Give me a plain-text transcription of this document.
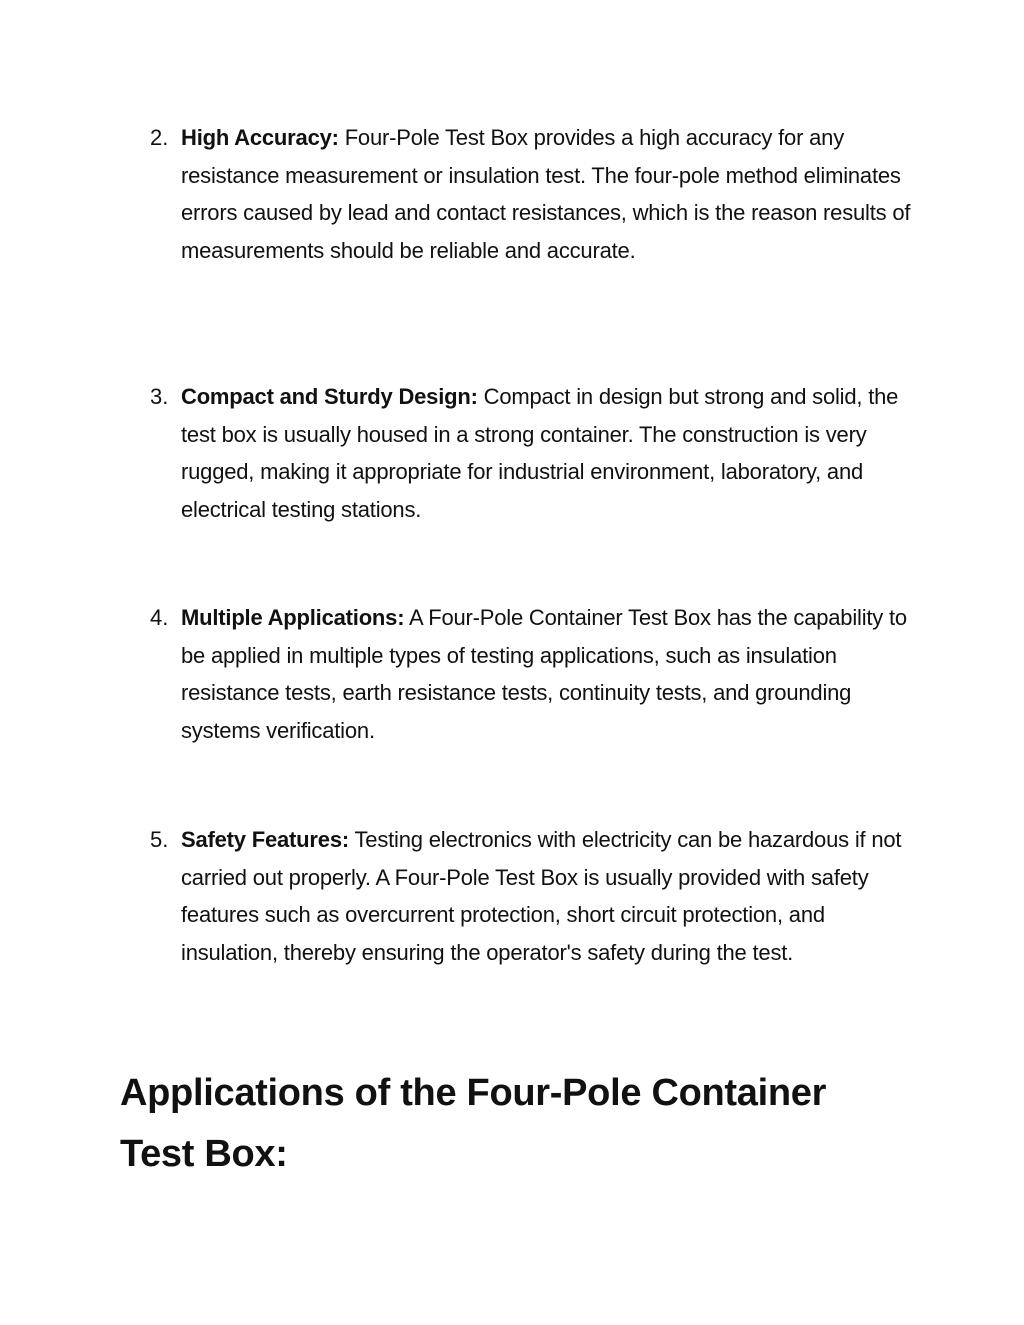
2. High Accuracy: Four-Pole Test Box provides a high accuracy for any resistance measurement or insulation test. The four-pole method eliminates errors caused by lead and contact resistances, which is the reason results of measurements should be reliable and accurate.
3. Compact and Sturdy Design: Compact in design but strong and solid, the test box is usually housed in a strong container. The construction is very rugged, making it appropriate for industrial environment, laboratory, and electrical testing stations.
4. Multiple Applications: A Four-Pole Container Test Box has the capability to be applied in multiple types of testing applications, such as insulation resistance tests, earth resistance tests, continuity tests, and grounding systems verification.
5. Safety Features: Testing electronics with electricity can be hazardous if not carried out properly. A Four-Pole Test Box is usually provided with safety features such as overcurrent protection, short circuit protection, and insulation, thereby ensuring the operator's safety during the test.
Applications of the Four-Pole Container Test Box:
